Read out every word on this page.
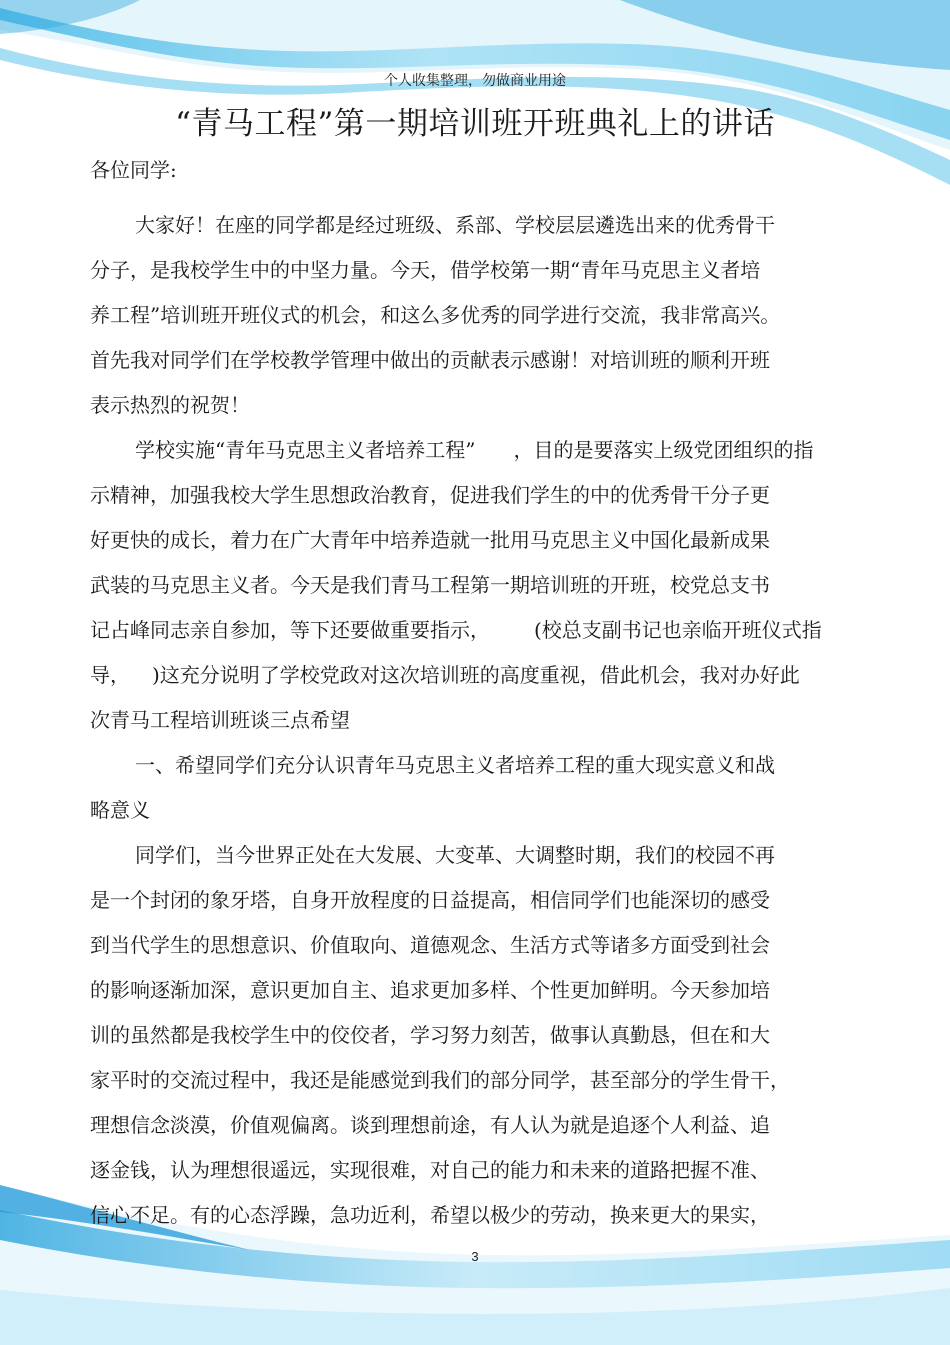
个人收集整理，勿做商业用途
“青马工程”第一期培训班开班典礼上的讲话
各位同学:
大家好！在座的同学都是经过班级、系部、学校层层遴选出来的优秀骨干
分子，是我校学生中的中坚力量。今天，借学校第一期“青年马克思主义者培
养工程”培训班开班仪式的机会，和这么多优秀的同学进行交流，我非常高兴。
首先我对同学们在学校教学管理中做出的贡献表示感谢！对培训班的顺利开班
表示热烈的祝贺！
学校实施“青年马克思主义者培养工程” ，目的是要落实上级党团组织的指
示精神，加强我校大学生思想政治教育，促进我们学生的中的优秀骨干分子更
好更快的成长，着力在广大青年中培养造就一批用马克思主义中国化最新成果
武装的马克思主义者。今天是我们青马工程第一期培训班的开班，校党总支书
记占峰同志亲自参加，等下还要做重要指示， (校总支副书记也亲临开班仪式指
导， )这充分说明了学校党政对这次培训班的高度重视，借此机会，我对办好此
次青马工程培训班谈三点希望
一、希望同学们充分认识青年马克思主义者培养工程的重大现实意义和战
略意义
同学们，当今世界正处在大发展、大变革、大调整时期，我们的校园不再
是一个封闭的象牙塔，自身开放程度的日益提高，相信同学们也能深切的感受
到当代学生的思想意识、价值取向、道德观念、生活方式等诸多方面受到社会
的影响逐渐加深，意识更加自主、追求更加多样、个性更加鲜明。今天参加培
训的虽然都是我校学生中的佼佼者，学习努力刻苦，做事认真勤恳，但在和大
家平时的交流过程中，我还是能感觉到我们的部分同学，甚至部分的学生骨干，
理想信念淡漠，价值观偏离。谈到理想前途，有人认为就是追逐个人利益、追
逐金钱，认为理想很遥远，实现很难，对自己的能力和未来的道路把握不准、
信心不足。有的心态浮躁，急功近利，希望以极少的劳动，换来更大的果实，
3
